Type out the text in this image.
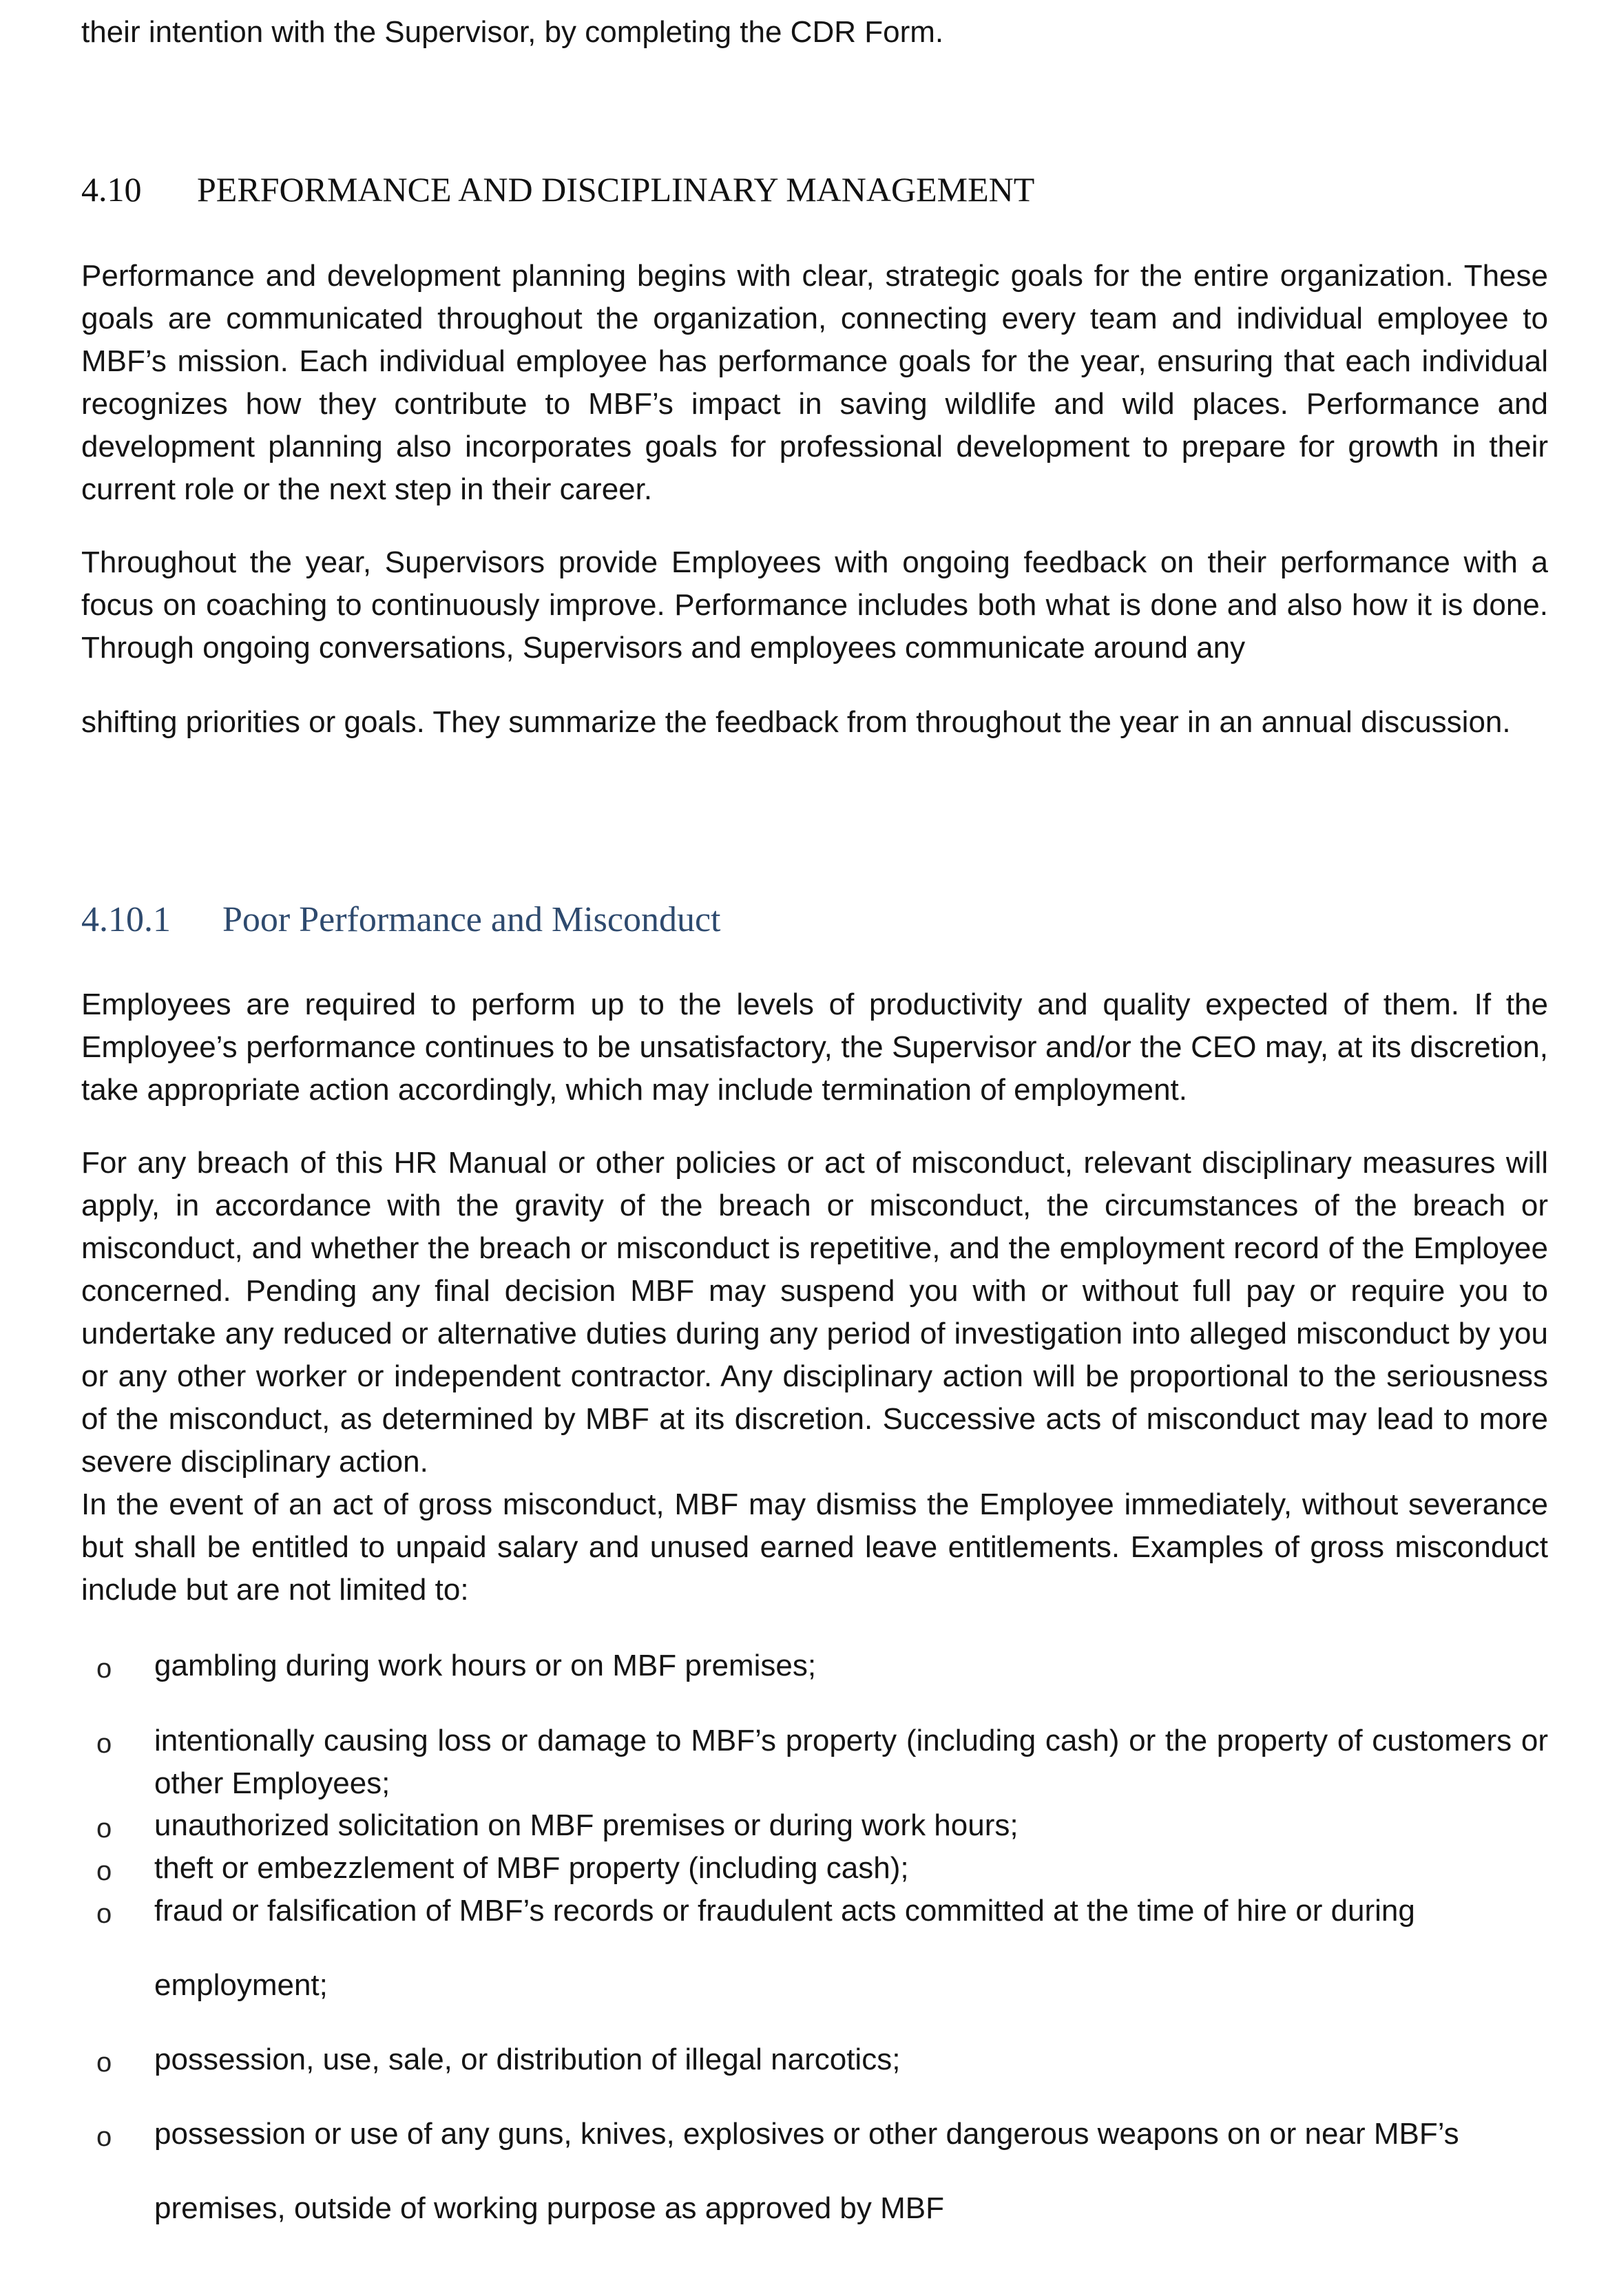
their intention with the Supervisor, by completing the CDR Form.

4.10 PERFORMANCE AND DISCIPLINARY MANAGEMENT

Performance and development planning begins with clear, strategic goals for the entire organization. These goals are communicated throughout the organization, connecting every team and individual employee to MBF’s mission. Each individual employee has performance goals for the year, ensuring that each individual recognizes how they contribute to MBF’s impact in saving wildlife and wild places. Performance and development planning also incorporates goals for professional development to prepare for growth in their current role or the next step in their career.

Throughout the year, Supervisors provide Employees with ongoing feedback on their performance with a focus on coaching to continuously improve. Performance includes both what is done and also how it is done. Through ongoing conversations, Supervisors and employees communicate around any

shifting priorities or goals. They summarize the feedback from throughout the year in an annual discussion.

4.10.1 Poor Performance and Misconduct

Employees are required to perform up to the levels of productivity and quality expected of them. If the Employee’s performance continues to be unsatisfactory, the Supervisor and/or the CEO may, at its discretion, take appropriate action accordingly, which may include termination of employment.

For any breach of this HR Manual or other policies or act of misconduct, relevant disciplinary measures will apply, in accordance with the gravity of the breach or misconduct, the circumstances of the breach or misconduct, and whether the breach or misconduct is repetitive, and the employment record of the Employee concerned. Pending any final decision MBF may suspend you with or without full pay or require you to undertake any reduced or alternative duties during any period of investigation into alleged misconduct by you or any other worker or independent contractor. Any disciplinary action will be proportional to the seriousness of the misconduct, as determined by MBF at its discretion. Successive acts of misconduct may lead to more severe disciplinary action.

In the event of an act of gross misconduct, MBF may dismiss the Employee immediately, without severance but shall be entitled to unpaid salary and unused earned leave entitlements. Examples of gross misconduct include but are not limited to:

o gambling during work hours or on MBF premises;

o intentionally causing loss or damage to MBF’s property (including cash) or the property of customers or other Employees;

o unauthorized solicitation on MBF premises or during work hours;

o theft or embezzlement of MBF property (including cash);

o fraud or falsification of MBF’s records or fraudulent acts committed at the time of hire or during

employment;

o possession, use, sale, or distribution of illegal narcotics;

o possession or use of any guns, knives, explosives or other dangerous weapons on or near MBF’s

premises, outside of working purpose as approved by MBF
